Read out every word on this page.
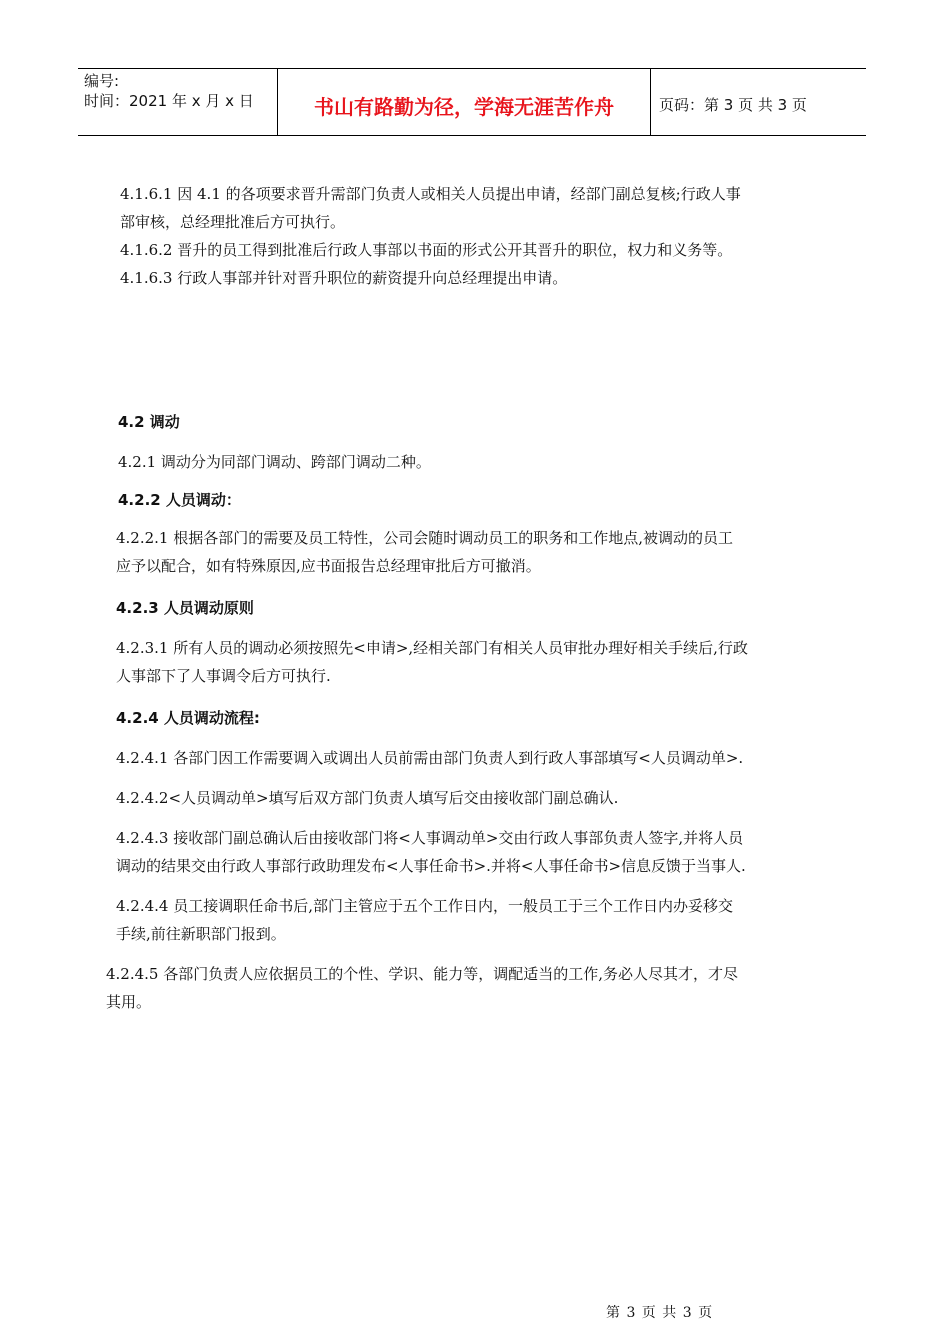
编号:
时间：2021 年 x 月 x 日	书山有路勤为径，学海无涯苦作舟	页码：第 3 页 共 3 页

4.1.6.1 因 4.1 的各项要求晋升需部门负责人或相关人员提出申请，经部门副总复核;行政人事

部审核，总经理批准后方可执行。

4.1.6.2 晋升的员工得到批准后行政人事部以书面的形式公开其晋升的职位，权力和义务等。

4.1.6.3 行政人事部并针对晋升职位的薪资提升向总经理提出申请。

4.2 调动

4.2.1 调动分为同部门调动、跨部门调动二种。

4.2.2 人员调动：

4.2.2.1 根据各部门的需要及员工特性，公司会随时调动员工的职务和工作地点,被调动的员工

应予以配合，如有特殊原因,应书面报告总经理审批后方可撤消。

4.2.3 人员调动原则

4.2.3.1 所有人员的调动必须按照先<申请>,经相关部门有相关人员审批办理好相关手续后,行政

人事部下了人事调令后方可执行.

4.2.4 人员调动流程:

4.2.4.1 各部门因工作需要调入或调出人员前需由部门负责人到行政人事部填写<人员调动单>.

4.2.4.2<人员调动单>填写后双方部门负责人填写后交由接收部门副总确认.

4.2.4.3 接收部门副总确认后由接收部门将<人事调动单>交由行政人事部负责人签字,并将人员

调动的结果交由行政人事部行政助理发布<人事任命书>.并将<人事任命书>信息反馈于当事人.

4.2.4.4 员工接调职任命书后,部门主管应于五个工作日内，一般员工于三个工作日内办妥移交

手续,前往新职部门报到。

4.2.4.5 各部门负责人应依据员工的个性、学识、能力等，调配适当的工作,务必人尽其才，才尽

其用。

第 3 页 共 3 页
